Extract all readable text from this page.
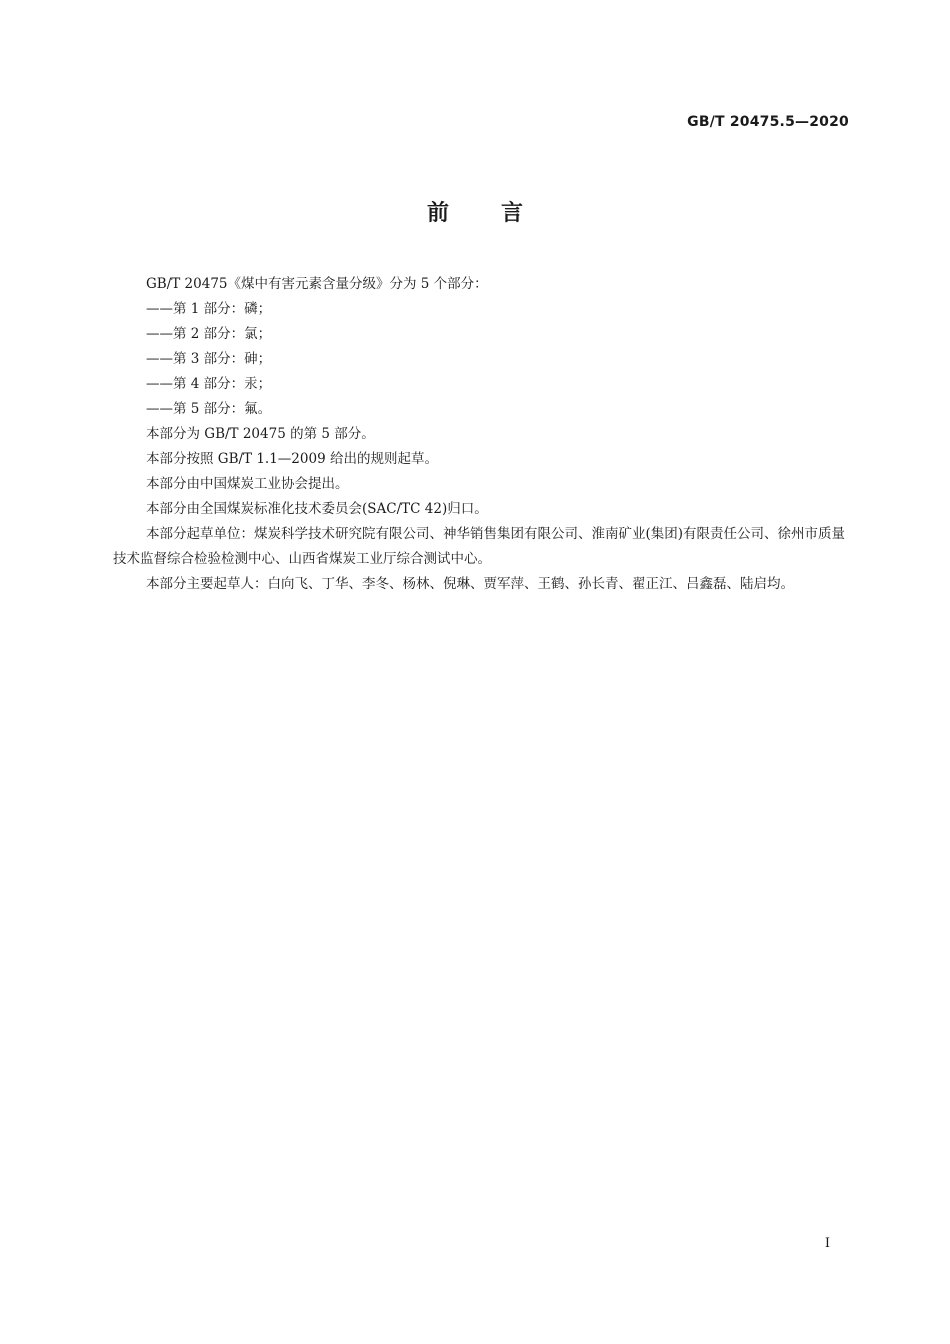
GB/T 20475.5—2020
前 言

GB/T 20475《煤中有害元素含量分级》分为 5 个部分：

——第 1 部分：磷；

——第 2 部分：氯；

——第 3 部分：砷；

——第 4 部分：汞；

——第 5 部分：氟。

本部分为 GB/T 20475 的第 5 部分。

本部分按照 GB/T 1.1—2009 给出的规则起草。

本部分由中国煤炭工业协会提出。

本部分由全国煤炭标准化技术委员会(SAC/TC 42)归口。

本部分起草单位：煤炭科学技术研究院有限公司、神华销售集团有限公司、淮南矿业(集团)有限责任公司、徐州市质量技术监督综合检验检测中心、山西省煤炭工业厅综合测试中心。

本部分主要起草人：白向飞、丁华、李冬、杨林、倪琳、贾军萍、王鹤、孙长青、翟正江、吕鑫磊、陆启均。

I
